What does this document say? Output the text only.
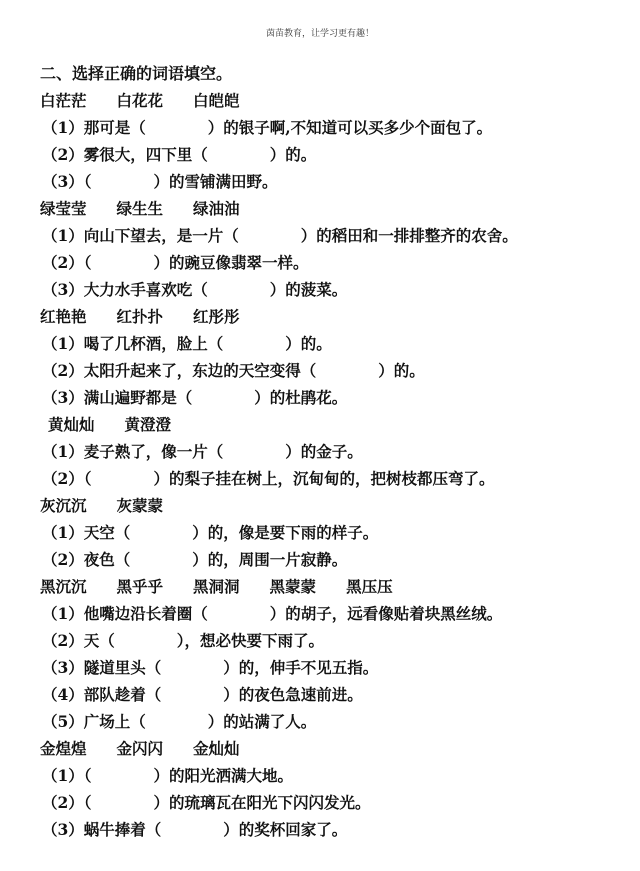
茵苗教育，让学习更有趣！
二、选择正确的词语填空。
白茫茫 白花花 白皑皑
（1）那可是（　　　　）的银子啊,不知道可以买多少个面包了。
（2）雾很大，四下里（　　　　）的。
（3）（　　　　）的雪铺满田野。
绿莹莹 绿生生 绿油油
（1）向山下望去，是一片（　　　　）的稻田和一排排整齐的农舍。
（2）（　　　　）的豌豆像翡翠一样。
（3）大力水手喜欢吃（　　　　）的菠菜。
红艳艳 红扑扑 红彤彤
（1）喝了几杯酒，脸上（　　　　）的。
（2）太阳升起来了，东边的天空变得（　　　　）的。
（3）满山遍野都是（　　　　）的杜鹃花。
黄灿灿 黄澄澄
（1）麦子熟了，像一片（　　　　）的金子。
（2）（　　　　）的梨子挂在树上，沉甸甸的，把树枝都压弯了。
灰沉沉 灰蒙蒙
（1）天空（　　　　）的，像是要下雨的样子。
（2）夜色（　　　　）的，周围一片寂静。
黑沉沉 黑乎乎 黑洞洞 黑蒙蒙 黑压压
（1）他嘴边沿长着圈（　　　　）的胡子，远看像贴着块黑丝绒。
（2）天（　　　　），想必快要下雨了。
（3）隧道里头（　　　　）的，伸手不见五指。
（4）部队趁着（　　　　）的夜色急速前进。
（5）广场上（　　　　）的站满了人。
金煌煌 金闪闪 金灿灿
（1）（　　　　）的阳光洒满大地。
（2）（　　　　）的琉璃瓦在阳光下闪闪发光。
（3）蜗牛捧着（　　　　）的奖杯回家了。
